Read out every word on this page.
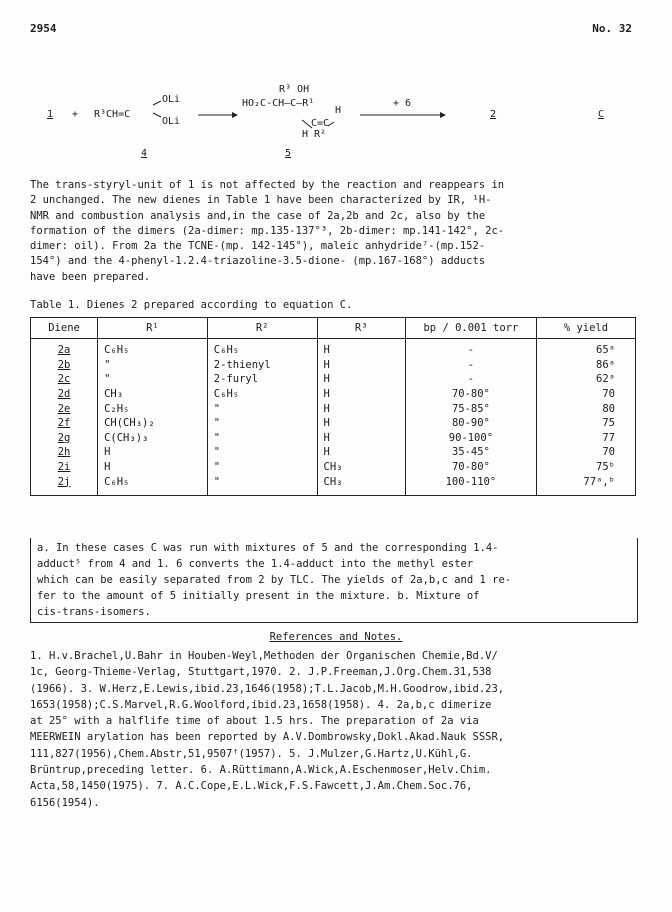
2954	No. 32
1 + R³CH=C
OLi
OLi
4
R³ OH
HO₂C-CH—C—R¹
H
C=C
H R²
5
+ 6
2	C
The trans-styryl-unit of 1 is not affected by the reaction and reappears in
2 unchanged. The new dienes in Table 1 have been characterized by IR, ¹H-
NMR and combustion analysis and,in the case of 2a,2b and 2c, also by the
formation of the dimers (2a-dimer: mp.135-137°³, 2b-dimer: mp.141-142°, 2c-
dimer: oil). From 2a the TCNE-(mp. 142-145°), maleic anhydride⁷-(mp.152-
154°) and the 4-phenyl-1.2.4-triazoline-3.5-dione- (mp.167-168°) adducts
have been prepared.
Table 1. Dienes 2 prepared according to equation C.
Diene	R¹	R²	R³	bp / 0.001 torr	% yield
2a	C₆H₅	C₆H₅	H	-	65ᵃ
2b	"	2-thienyl	H	-	86ᵃ
2c	"	2-furyl	H	-	62ᵃ
2d	CH₃	C₆H₅	H	70-80°	70
2e	C₂H₅	"	H	75-85°	80
2f	CH(CH₃)₂	"	H	80-90°	75
2g	C(CH₃)₃	"	H	90-100°	77
2h	H	"	H	35-45°	70
2i	H	"	CH₃	70-80°	75ᵇ
2j	C₆H₅	"	CH₃	100-110°	77ᵃ,ᵇ
a. In these cases C was run with mixtures of 5 and the corresponding 1.4-
adduct⁵ from 4 and 1. 6 converts the 1.4-adduct into the methyl ester
which can be easily separated from 2 by TLC. The yields of 2a,b,c and 1 re-
fer to the amount of 5 initially present in the mixture. b. Mixture of
cis-trans-isomers.
References and Notes.
1. H.v.Brachel,U.Bahr in Houben-Weyl,Methoden der Organischen Chemie,Bd.V/
1c, Georg-Thieme-Verlag, Stuttgart,1970. 2. J.P.Freeman,J.Org.Chem.31,538
(1966). 3. W.Herz,E.Lewis,ibid.23,1646(1958);T.L.Jacob,M.H.Goodrow,ibid.23,
1653(1958);C.S.Marvel,R.G.Woolford,ibid.23,1658(1958). 4. 2a,b,c dimerize
at 25° with a halflife time of about 1.5 hrs. The preparation of 2a via
MEERWEIN arylation has been reported by A.V.Dombrowsky,Dokl.Akad.Nauk SSSR,
111,827(1956),Chem.Abstr,51,9507ᶠ(1957). 5. J.Mulzer,G.Hartz,U.Kühl,G.
Brüntrup,preceding letter. 6. A.Rüttimann,A.Wick,A.Eschenmoser,Helv.Chim.
Acta,58,1450(1975). 7. A.C.Cope,E.L.Wick,F.S.Fawcett,J.Am.Chem.Soc.76,
6156(1954).
